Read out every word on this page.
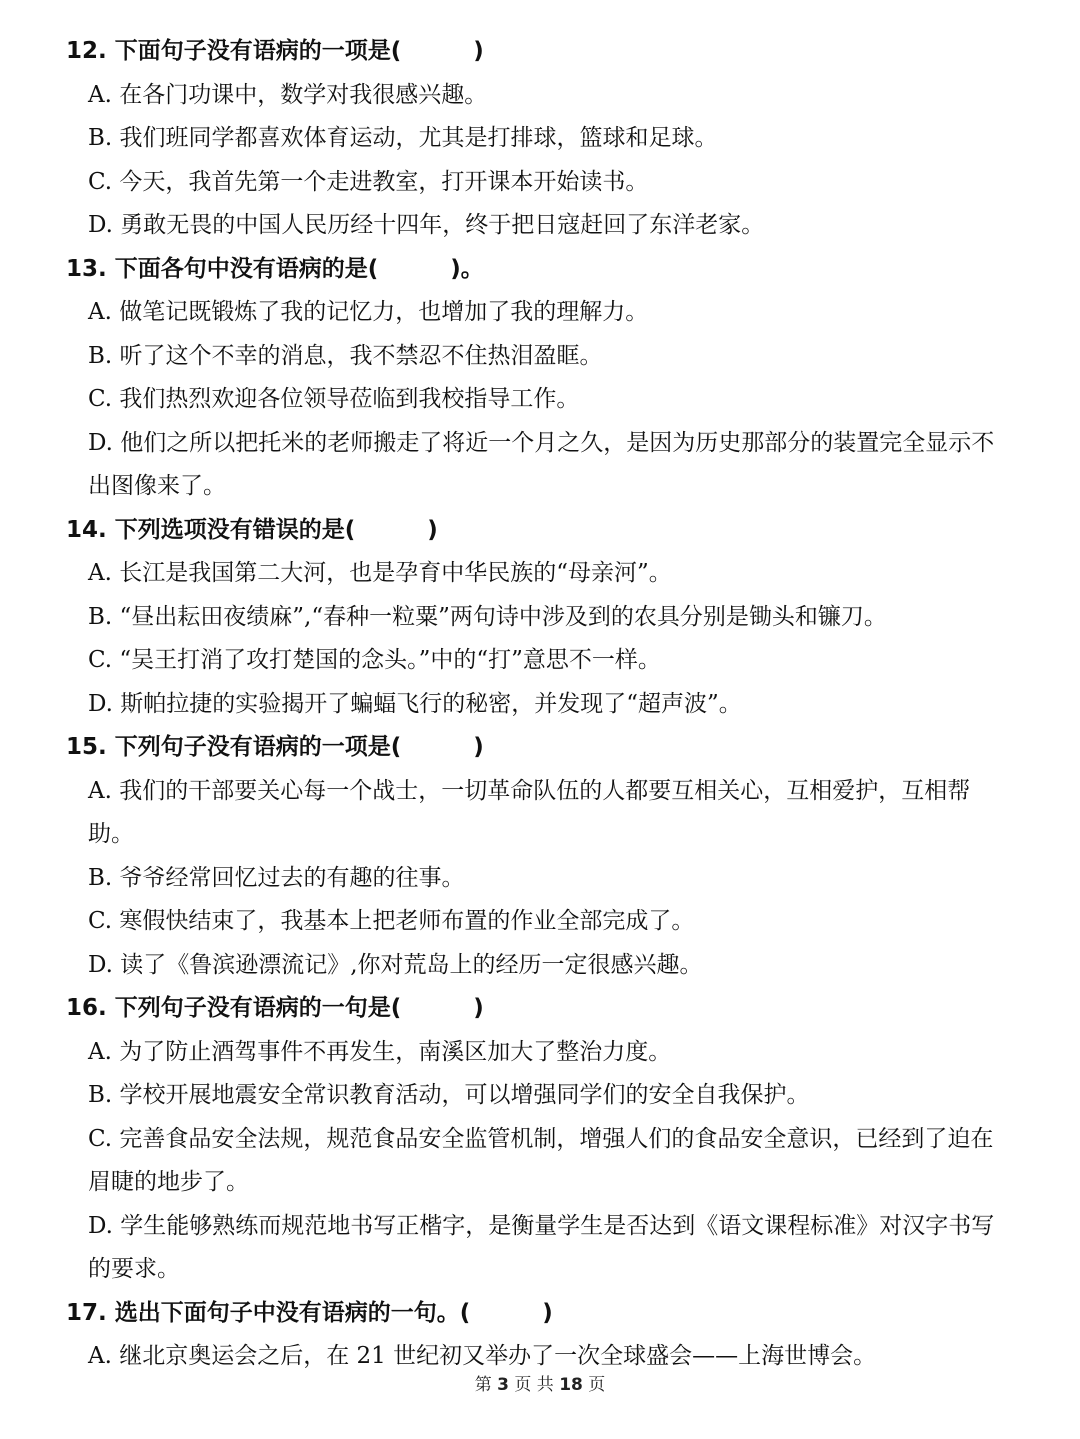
12. 下面句子没有语病的一项是(	)
A. 在各门功课中，数学对我很感兴趣。
B. 我们班同学都喜欢体育运动，尤其是打排球，篮球和足球。
C. 今天，我首先第一个走进教室，打开课本开始读书。
D. 勇敢无畏的中国人民历经十四年，终于把日寇赶回了东洋老家。
13. 下面各句中没有语病的是(	)。
A. 做笔记既锻炼了我的记忆力，也增加了我的理解力。
B. 听了这个不幸的消息，我不禁忍不住热泪盈眶。
C. 我们热烈欢迎各位领导莅临到我校指导工作。
D. 他们之所以把托米的老师搬走了将近一个月之久，是因为历史那部分的装置完全显示不出图像来了。
14. 下列选项没有错误的是(	)
A. 长江是我国第二大河，也是孕育中华民族的“母亲河”。
B. “昼出耘田夜绩麻”,“春种一粒粟”两句诗中涉及到的农具分别是锄头和镰刀。
C. “吴王打消了攻打楚国的念头。”中的“打”意思不一样。
D. 斯帕拉捷的实验揭开了蝙蝠飞行的秘密，并发现了“超声波”。
15. 下列句子没有语病的一项是(	)
A. 我们的干部要关心每一个战士，一切革命队伍的人都要互相关心，互相爱护，互相帮助。
B. 爷爷经常回忆过去的有趣的往事。
C. 寒假快结束了，我基本上把老师布置的作业全部完成了。
D. 读了《鲁滨逊漂流记》,你对荒岛上的经历一定很感兴趣。
16. 下列句子没有语病的一句是(	)
A. 为了防止酒驾事件不再发生，南溪区加大了整治力度。
B. 学校开展地震安全常识教育活动，可以增强同学们的安全自我保护。
C. 完善食品安全法规，规范食品安全监管机制，增强人们的食品安全意识，已经到了迫在眉睫的地步了。
D. 学生能够熟练而规范地书写正楷字，是衡量学生是否达到《语文课程标准》对汉字书写的要求。
17. 选出下面句子中没有语病的一句。(	)
A. 继北京奥运会之后，在 21 世纪初又举办了一次全球盛会——上海世博会。
第 3 页 共 18 页
